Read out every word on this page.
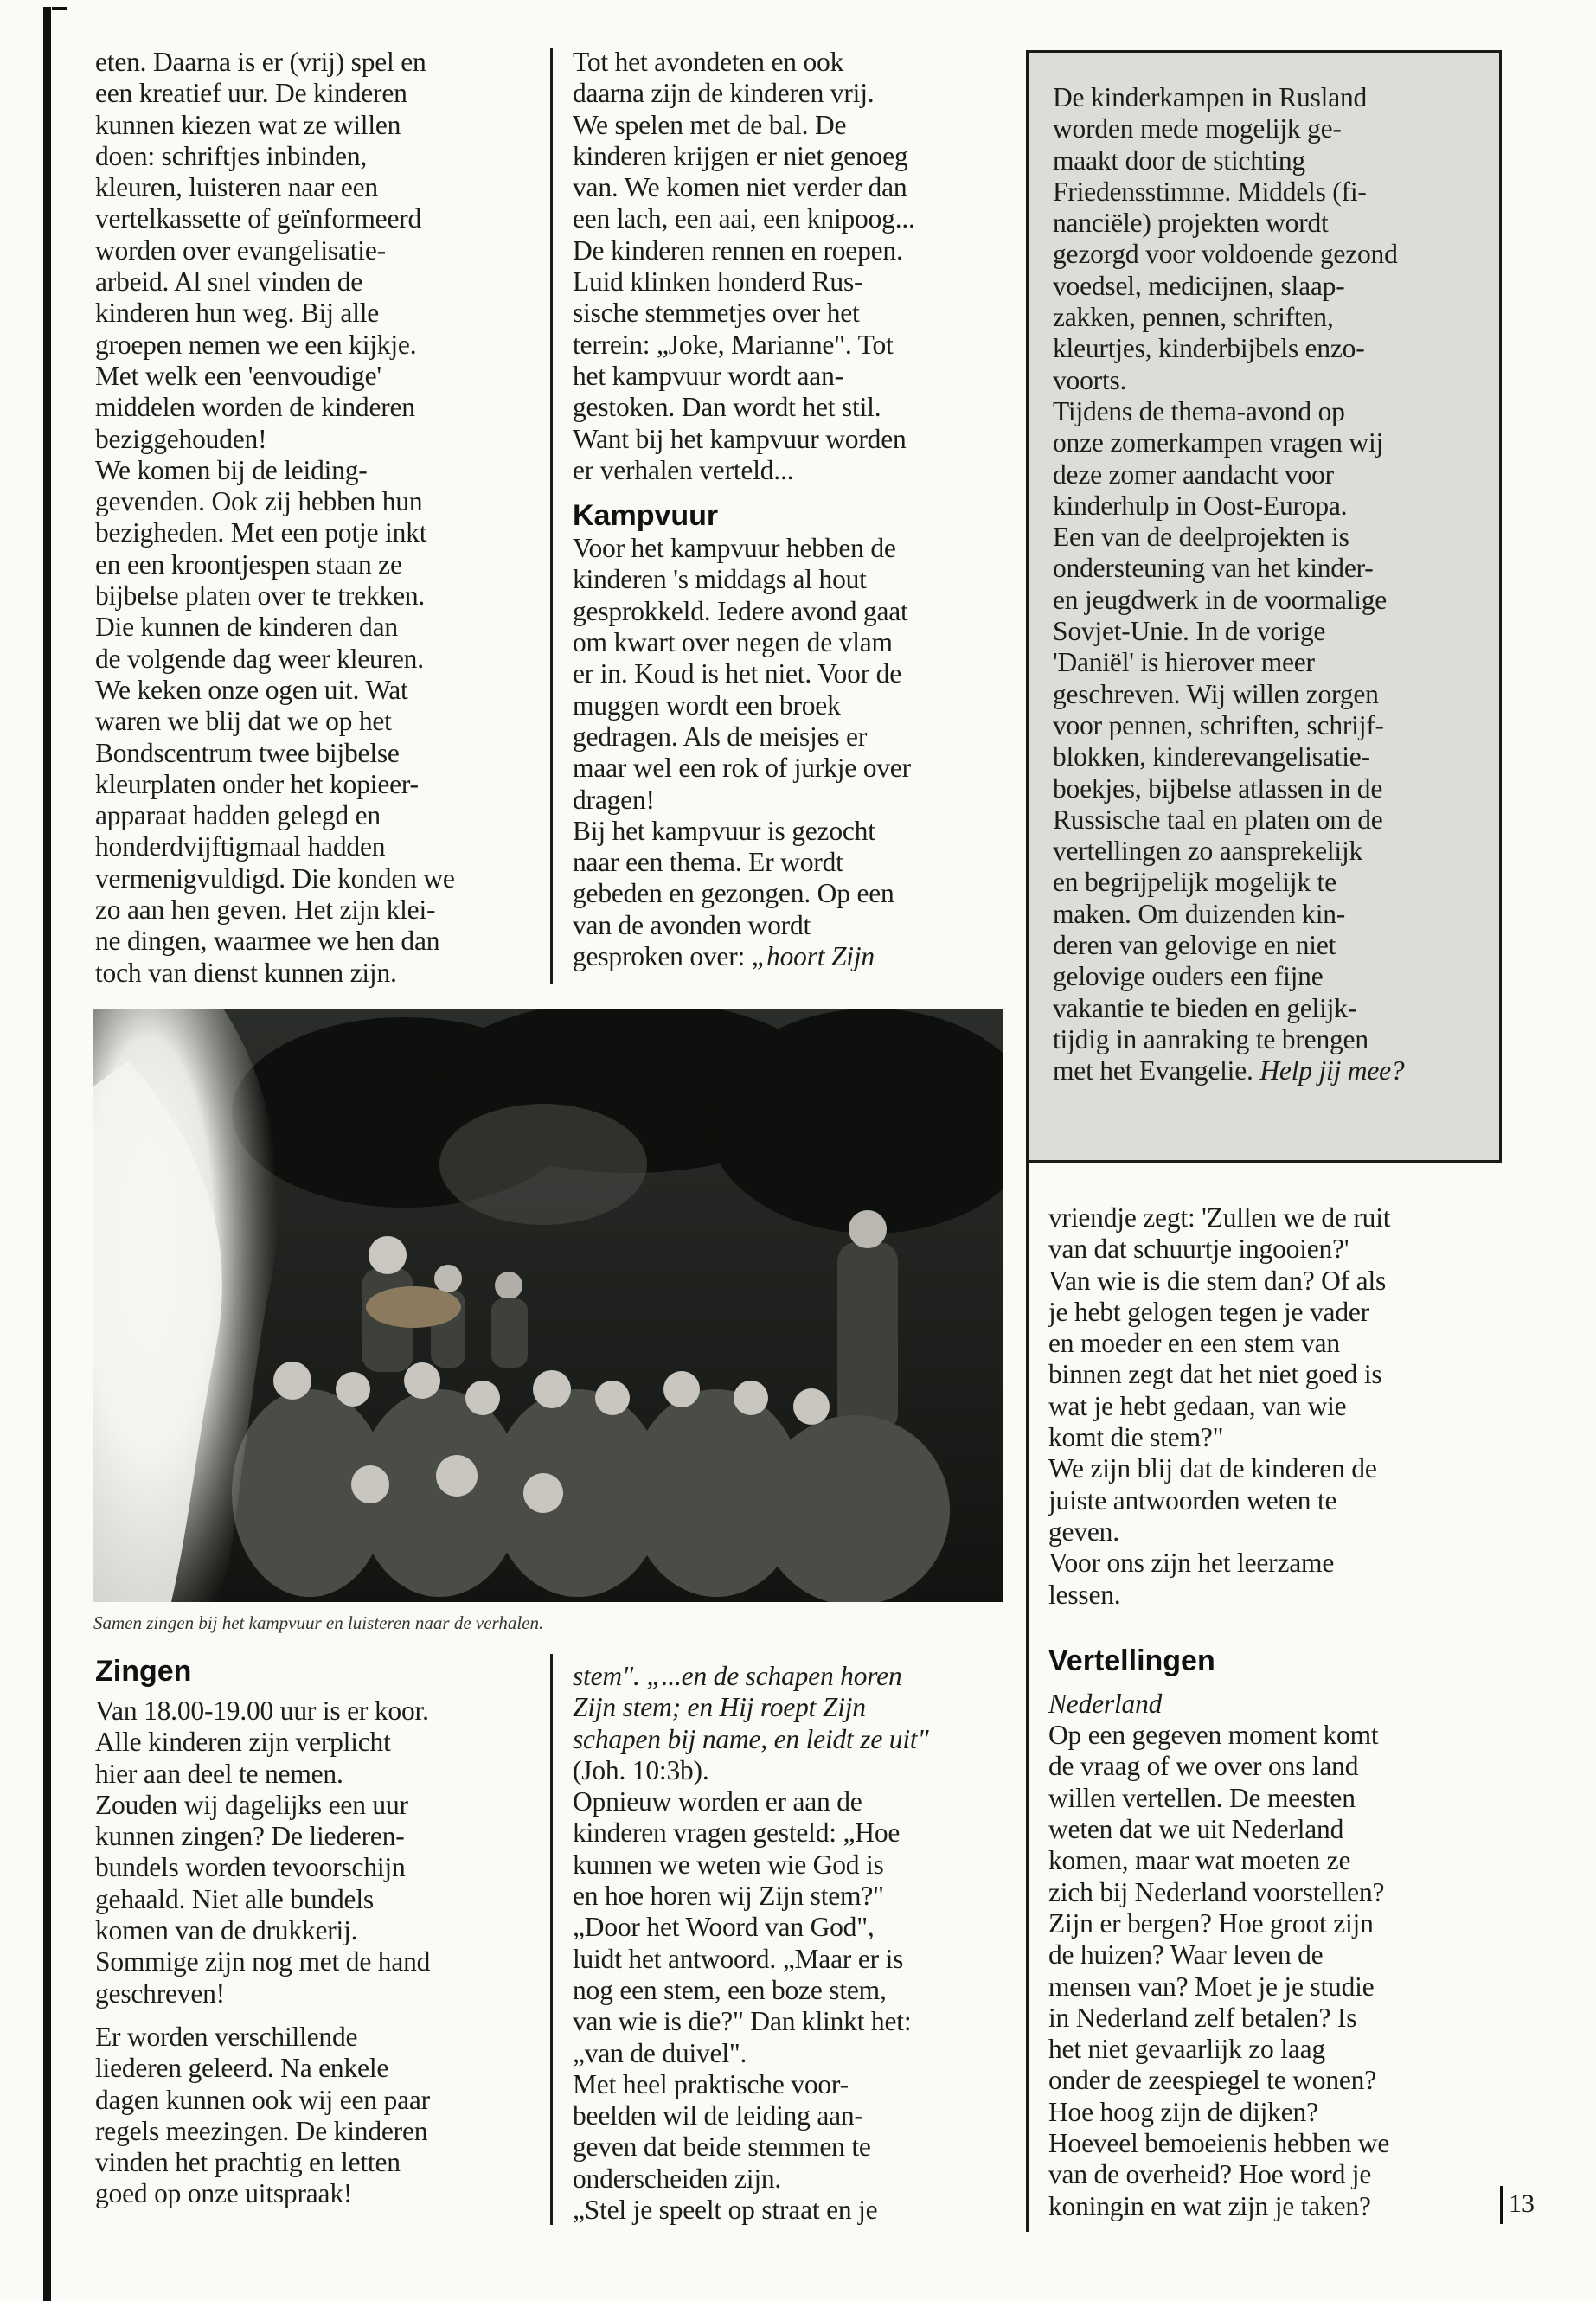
eten. Daarna is er (vrij) spel en
een kreatief uur. De kinderen
kunnen kiezen wat ze willen
doen: schriftjes inbinden,
kleuren, luisteren naar een
vertelkassette of geïnformeerd
worden over evangelisatie-
arbeid. Al snel vinden de
kinderen hun weg. Bij alle
groepen nemen we een kijkje.
Met welk een 'eenvoudige'
middelen worden de kinderen
beziggehouden!
We komen bij de leiding-
gevenden. Ook zij hebben hun
bezigheden. Met een potje inkt
en een kroontjespen staan ze
bijbelse platen over te trekken.
Die kunnen de kinderen dan
de volgende dag weer kleuren.
We keken onze ogen uit. Wat
waren we blij dat we op het
Bondscentrum twee bijbelse
kleurplaten onder het kopieer-
apparaat hadden gelegd en
honderdvijftigmaal hadden
vermenigvuldigd. Die konden we
zo aan hen geven. Het zijn klei-
ne dingen, waarmee we hen dan
toch van dienst kunnen zijn.

Tot het avondeten en ook
daarna zijn de kinderen vrij.
We spelen met de bal. De
kinderen krijgen er niet genoeg
van. We komen niet verder dan
een lach, een aai, een knipoog...
De kinderen rennen en roepen.
Luid klinken honderd Rus-
sische stemmetjes over het
terrein: „Joke, Marianne". Tot
het kampvuur wordt aan-
gestoken. Dan wordt het stil.
Want bij het kampvuur worden
er verhalen verteld...

Kampvuur

Voor het kampvuur hebben de
kinderen 's middags al hout
gesprokkeld. Iedere avond gaat
om kwart over negen de vlam
er in. Koud is het niet. Voor de
muggen wordt een broek
gedragen. Als de meisjes er
maar wel een rok of jurkje over
dragen!
Bij het kampvuur is gezocht
naar een thema. Er wordt
gebeden en gezongen. Op een
van de avonden wordt
gesproken over: „hoort Zijn

De kinderkampen in Rusland
worden mede mogelijk ge-
maakt door de stichting
Friedensstimme. Middels (fi-
nanciële) projekten wordt
gezorgd voor voldoende gezond
voedsel, medicijnen, slaap-
zakken, pennen, schriften,
kleurtjes, kinderbijbels enzo-
voorts.
Tijdens de thema-avond op
onze zomerkampen vragen wij
deze zomer aandacht voor
kinderhulp in Oost-Europa.
Een van de deelprojekten is
ondersteuning van het kinder-
en jeugdwerk in de voormalige
Sovjet-Unie. In de vorige
'Daniël' is hierover meer
geschreven. Wij willen zorgen
voor pennen, schriften, schrijf-
blokken, kinderevangelisatie-
boekjes, bijbelse atlassen in de
Russische taal en platen om de
vertellingen zo aansprekelijk
en begrijpelijk mogelijk te
maken. Om duizenden kin-
deren van gelovige en niet
gelovige ouders een fijne
vakantie te bieden en gelijk-
tijdig in aanraking te brengen
met het Evangelie. Help jij mee?

Samen zingen bij het kampvuur en luisteren naar de verhalen.

vriendje zegt: 'Zullen we de ruit
van dat schuurtje ingooien?'
Van wie is die stem dan? Of als
je hebt gelogen tegen je vader
en moeder en een stem van
binnen zegt dat het niet goed is
wat je hebt gedaan, van wie
komt die stem?"
We zijn blij dat de kinderen de
juiste antwoorden weten te
geven.
Voor ons zijn het leerzame
lessen.

Vertellingen

Nederland

Op een gegeven moment komt
de vraag of we over ons land
willen vertellen. De meesten
weten dat we uit Nederland
komen, maar wat moeten ze
zich bij Nederland voorstellen?
Zijn er bergen? Hoe groot zijn
de huizen? Waar leven de
mensen van? Moet je je studie
in Nederland zelf betalen? Is
het niet gevaarlijk zo laag
onder de zeespiegel te wonen?
Hoe hoog zijn de dijken?
Hoeveel bemoeienis hebben we
van de overheid? Hoe word je
koningin en wat zijn je taken?

Zingen

Van 18.00-19.00 uur is er koor.
Alle kinderen zijn verplicht
hier aan deel te nemen.
Zouden wij dagelijks een uur
kunnen zingen? De liederen-
bundels worden tevoorschijn
gehaald. Niet alle bundels
komen van de drukkerij.
Sommige zijn nog met de hand
geschreven!

Er worden verschillende
liederen geleerd. Na enkele
dagen kunnen ook wij een paar
regels meezingen. De kinderen
vinden het prachtig en letten
goed op onze uitspraak!

stem". „...en de schapen horen
Zijn stem; en Hij roept Zijn
schapen bij name, en leidt ze uit"

(Joh. 10:3b).
Opnieuw worden er aan de
kinderen vragen gesteld: „Hoe
kunnen we weten wie God is
en hoe horen wij Zijn stem?"
„Door het Woord van God",
luidt het antwoord. „Maar er is
nog een stem, een boze stem,
van wie is die?" Dan klinkt het:
„van de duivel".
Met heel praktische voor-
beelden wil de leiding aan-
geven dat beide stemmen te
onderscheiden zijn.
„Stel je speelt op straat en je	13
